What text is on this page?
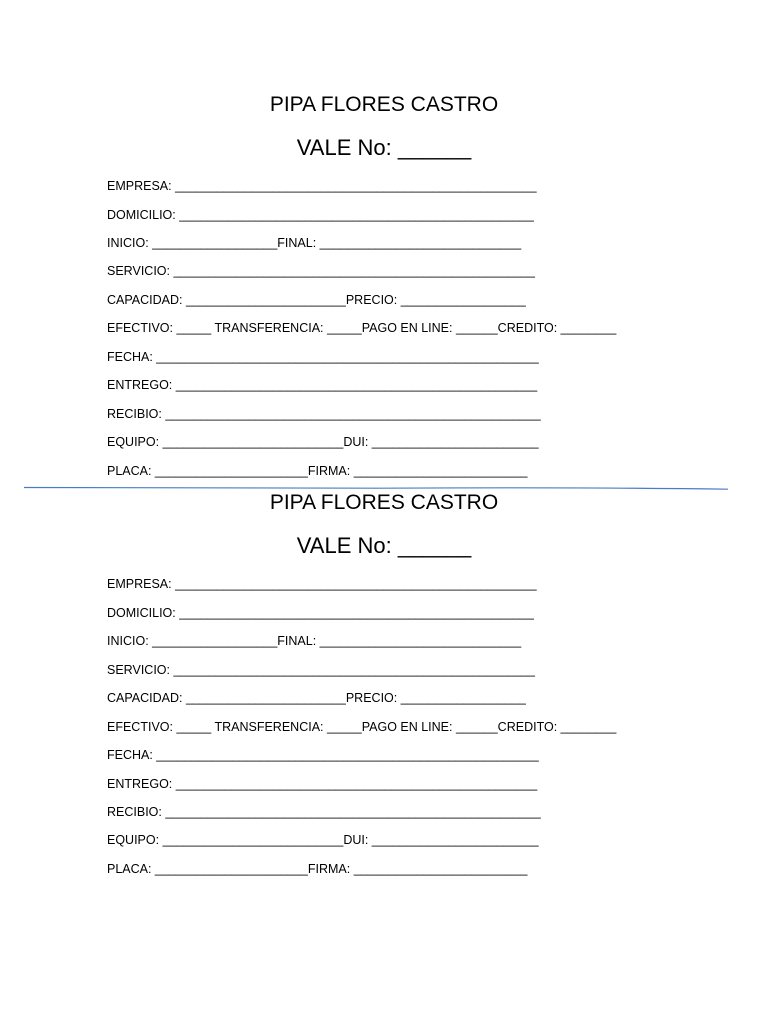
PIPA FLORES CASTRO
VALE No: ______
EMPRESA: ____________________________________________________
DOMICILIO: ___________________________________________________
INICIO: __________________FINAL: _____________________________
SERVICIO: ____________________________________________________
CAPACIDAD: _______________________PRECIO: __________________
EFECTIVO: _____ TRANSFERENCIA: _____PAGO EN LINE: ______CREDITO: ________
FECHA: _______________________________________________________
ENTREGO: ____________________________________________________
RECIBIO: ______________________________________________________
EQUIPO: __________________________DUI: ________________________
PLACA: ______________________FIRMA: _________________________
PIPA FLORES CASTRO
VALE No: ______
EMPRESA: ____________________________________________________
DOMICILIO: ___________________________________________________
INICIO: __________________FINAL: _____________________________
SERVICIO: ____________________________________________________
CAPACIDAD: _______________________PRECIO: __________________
EFECTIVO: _____ TRANSFERENCIA: _____PAGO EN LINE: ______CREDITO: ________
FECHA: _______________________________________________________
ENTREGO: ____________________________________________________
RECIBIO: ______________________________________________________
EQUIPO: __________________________DUI: ________________________
PLACA: ______________________FIRMA: _________________________
